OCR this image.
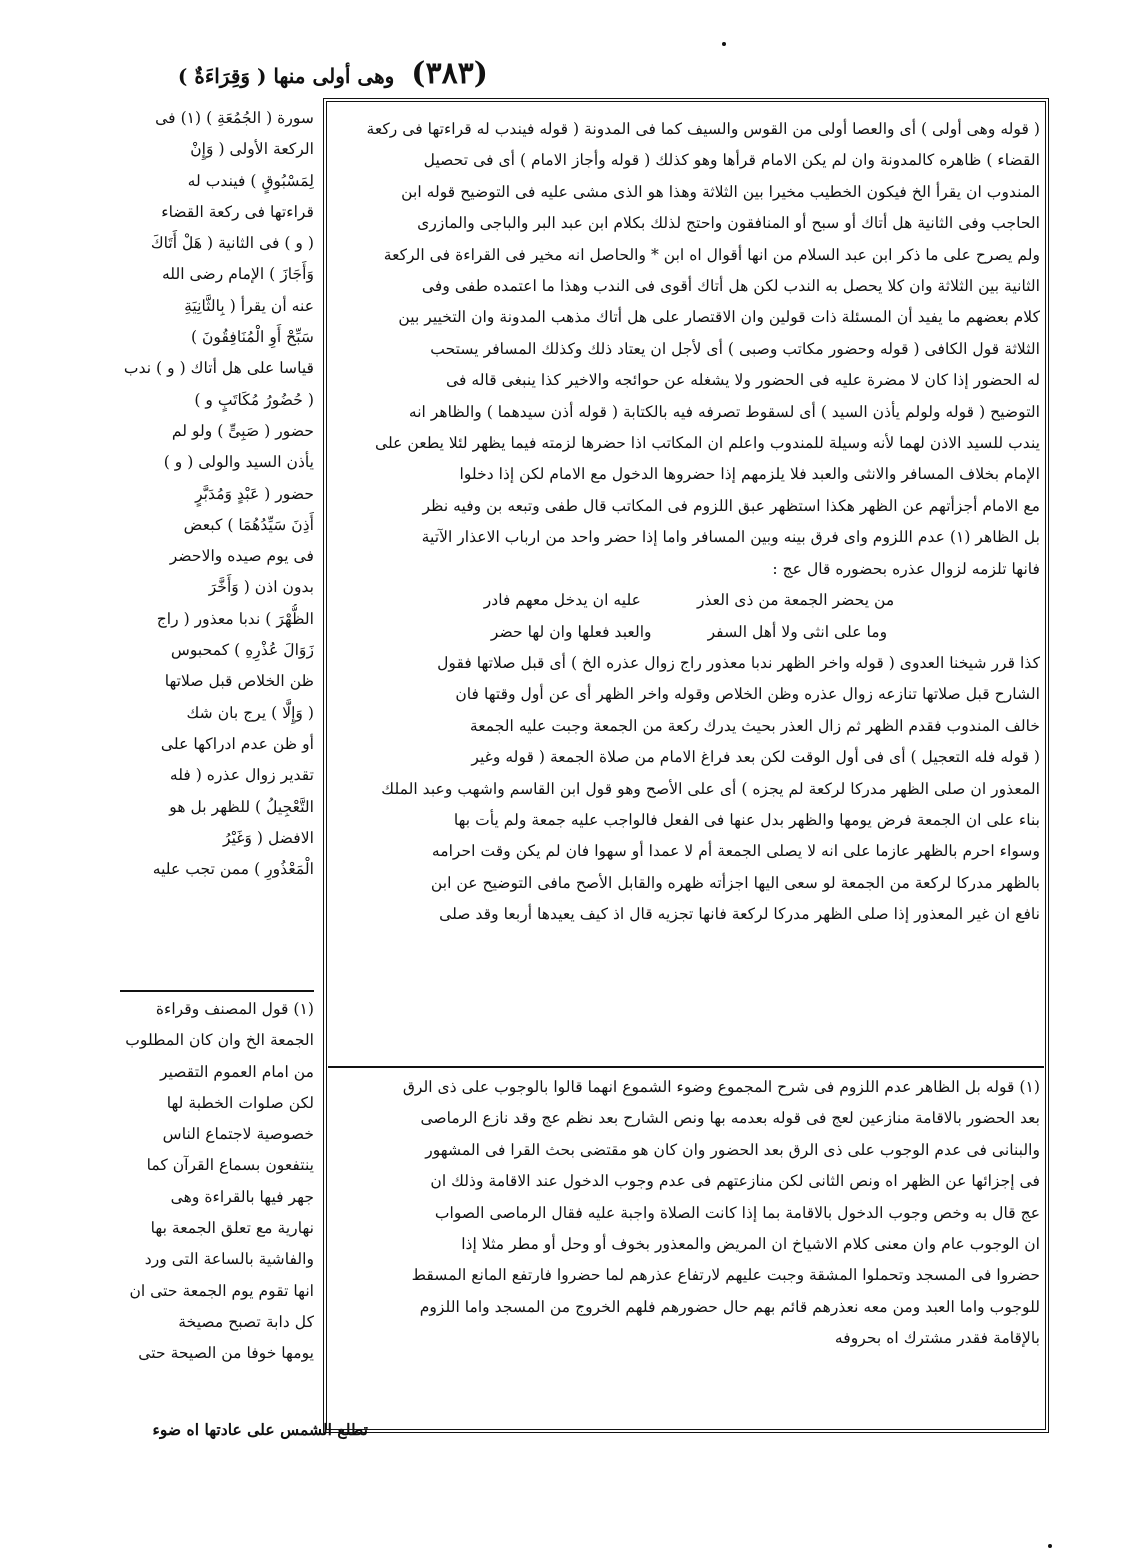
(٣٨٣) وهى أولى منها ( وَقِرَاءَةٌ )
( قوله وهى أولى ) أى والعصا أولى من القوس والسيف كما فى المدونة ( قوله فيندب له قراءتها فى ركعة
القضاء ) ظاهره كالمدونة وان لم يكن الامام قرأها وهو كذلك ( قوله وأجاز الامام ) أى فى تحصيل
المندوب ان يقرأ الخ فيكون الخطيب مخيرا بين الثلاثة وهذا هو الذى مشى عليه فى التوضيح قوله ابن
الحاجب وفى الثانية هل أتاك أو سبح أو المنافقون واحتج لذلك بكلام ابن عبد البر والباجى والمازرى
ولم يصرح على ما ذكر ابن عبد السلام من انها أقوال اه ابن * والحاصل انه مخير فى القراءة فى الركعة
الثانية بين الثلاثة وان كلا يحصل به الندب لكن هل أتاك أقوى فى الندب وهذا ما اعتمده طفى وفى
كلام بعضهم ما يفيد أن المسئلة ذات قولين وان الاقتصار على هل أتاك مذهب المدونة وان التخيير بين
الثلاثة قول الكافى ( قوله وحضور مكاتب وصبى ) أى لأجل ان يعتاد ذلك وكذلك المسافر يستحب
له الحضور إذا كان لا مضرة عليه فى الحضور ولا يشغله عن حوائجه والاخير كذا ينبغى قاله فى
التوضيح ( قوله ولولم يأذن السيد ) أى لسقوط تصرفه فيه بالكتابة ( قوله أذن سيدهما ) والظاهر انه
يندب للسيد الاذن لهما لأنه وسيلة للمندوب واعلم ان المكاتب اذا حضرها لزمته فيما يظهر لئلا يطعن على
الإمام بخلاف المسافر والانثى والعبد فلا يلزمهم إذا حضروها الدخول مع الامام لكن إذا دخلوا
مع الامام أجزأتهم عن الظهر هكذا استظهر عبق اللزوم فى المكاتب قال طفى وتبعه بن وفيه نظر
بل الظاهر (١) عدم اللزوم واى فرق بينه وبين المسافر واما إذا حضر واحد من ارباب الاعذار الآتية
فانها تلزمه لزوال عذره بحضوره قال عج :
من يحضر الجمعة من ذى العذرعليه ان يدخل معهم فادر
وما على انثى ولا أهل السفروالعبد فعلها وان لها حضر
كذا قرر شيخنا العدوى ( قوله واخر الظهر ندبا معذور راج زوال عذره الخ ) أى قبل صلاتها فقول
الشارح قبل صلاتها تنازعه زوال عذره وظن الخلاص وقوله واخر الظهر أى عن أول وقتها فان
خالف المندوب فقدم الظهر ثم زال العذر بحيث يدرك ركعة من الجمعة وجبت عليه الجمعة
( قوله فله التعجيل ) أى فى أول الوقت لكن بعد فراغ الامام من صلاة الجمعة ( قوله وغير
المعذور ان صلى الظهر مدركا لركعة لم يجزه ) أى على الأصح وهو قول ابن القاسم واشهب وعبد الملك
بناء على ان الجمعة فرض يومها والظهر بدل عنها فى الفعل فالواجب عليه جمعة ولم يأت بها
وسواء احرم بالظهر عازما على انه لا يصلى الجمعة أم لا عمدا أو سهوا فان لم يكن وقت احرامه
بالظهر مدركا لركعة من الجمعة لو سعى اليها اجزأته ظهره والقابل الأصح مافى التوضيح عن ابن
نافع ان غير المعذور إذا صلى الظهر مدركا لركعة فانها تجزيه قال اذ كيف يعيدها أربعا وقد صلى
(١) قوله بل الظاهر عدم اللزوم فى شرح المجموع وضوء الشموع انهما قالوا بالوجوب على ذى الرق
بعد الحضور بالاقامة منازعين لعج فى قوله بعدمه بها ونص الشارح بعد نظم عج وقد نازع الرماصى
والبنانى فى عدم الوجوب على ذى الرق بعد الحضور وان كان هو مقتضى بحث القرا فى المشهور
فى إجزائها عن الظهر اه ونص الثانى لكن منازعتهم فى عدم وجوب الدخول عند الاقامة وذلك ان
عج قال به وخص وجوب الدخول بالاقامة بما إذا كانت الصلاة واجبة عليه فقال الرماصى الصواب
ان الوجوب عام وان معنى كلام الاشياخ ان المريض والمعذور بخوف أو وحل أو مطر مثلا إذا
حضروا فى المسجد وتحملوا المشقة وجبت عليهم لارتفاع عذرهم لما حضروا فارتفع المانع المسقط
للوجوب واما العبد ومن معه نعذرهم قائم بهم حال حضورهم فلهم الخروج من المسجد واما اللزوم
بالإقامة فقدر مشترك اه بحروفه
سورة ( الجُمُعَةِ ) (١) فى
الركعة الأولى ( وَإِنْ
لِمَسْبُوقٍ ) فيندب له
قراءتها فى ركعة القضاء
( و ) فى الثانية ( هَلْ أَتَاكَ
وَأَجَازَ ) الإمام رضى الله
عنه أن يقرأ ( بِالثَّانِيَةِ
سَبِّحْ أَوِ الْمُنَافِقُونَ )
قياسا على هل أتاك ( و ) ندب
( حُضُورُ مُكَاتَبٍ و )
حضور ( صَبِىٍّ ) ولو لم
يأذن السيد والولى ( و )
حضور ( عَبْدٍ وَمُدَبَّرٍ
أَذِنَ سَيِّدُهُمَا ) كبعض
فى يوم صيده والاحضر
بدون اذن ( وَأَخَّرَ
الظُّهْرَ ) ندبا معذور ( راج
زَوَالَ عُذْرِهِ ) كمحبوس
ظن الخلاص قبل صلاتها
( وَإِلَّا ) يرج بان شك
أو ظن عدم ادراكها على
تقدير زوال عذره ( فله
التَّعْجِيلُ ) للظهر بل هو
الافضل ( وَغَيْرُ
الْمَعْذُورِ ) ممن تجب عليه
(١) قول المصنف وقراءة
الجمعة الخ وان كان المطلوب
من امام العموم التقصير
لكن صلوات الخطبة لها
خصوصية لاجتماع الناس
ينتفعون بسماع القرآن كما
جهر فيها بالقراءة وهى
نهارية مع تعلق الجمعة بها
والفاشية بالساعة التى ورد
انها تقوم يوم الجمعة حتى ان
كل دابة تصبح مصيخة
يومها خوفا من الصيحة حتى
تطلع الشمس على عادتها اه ضوء
